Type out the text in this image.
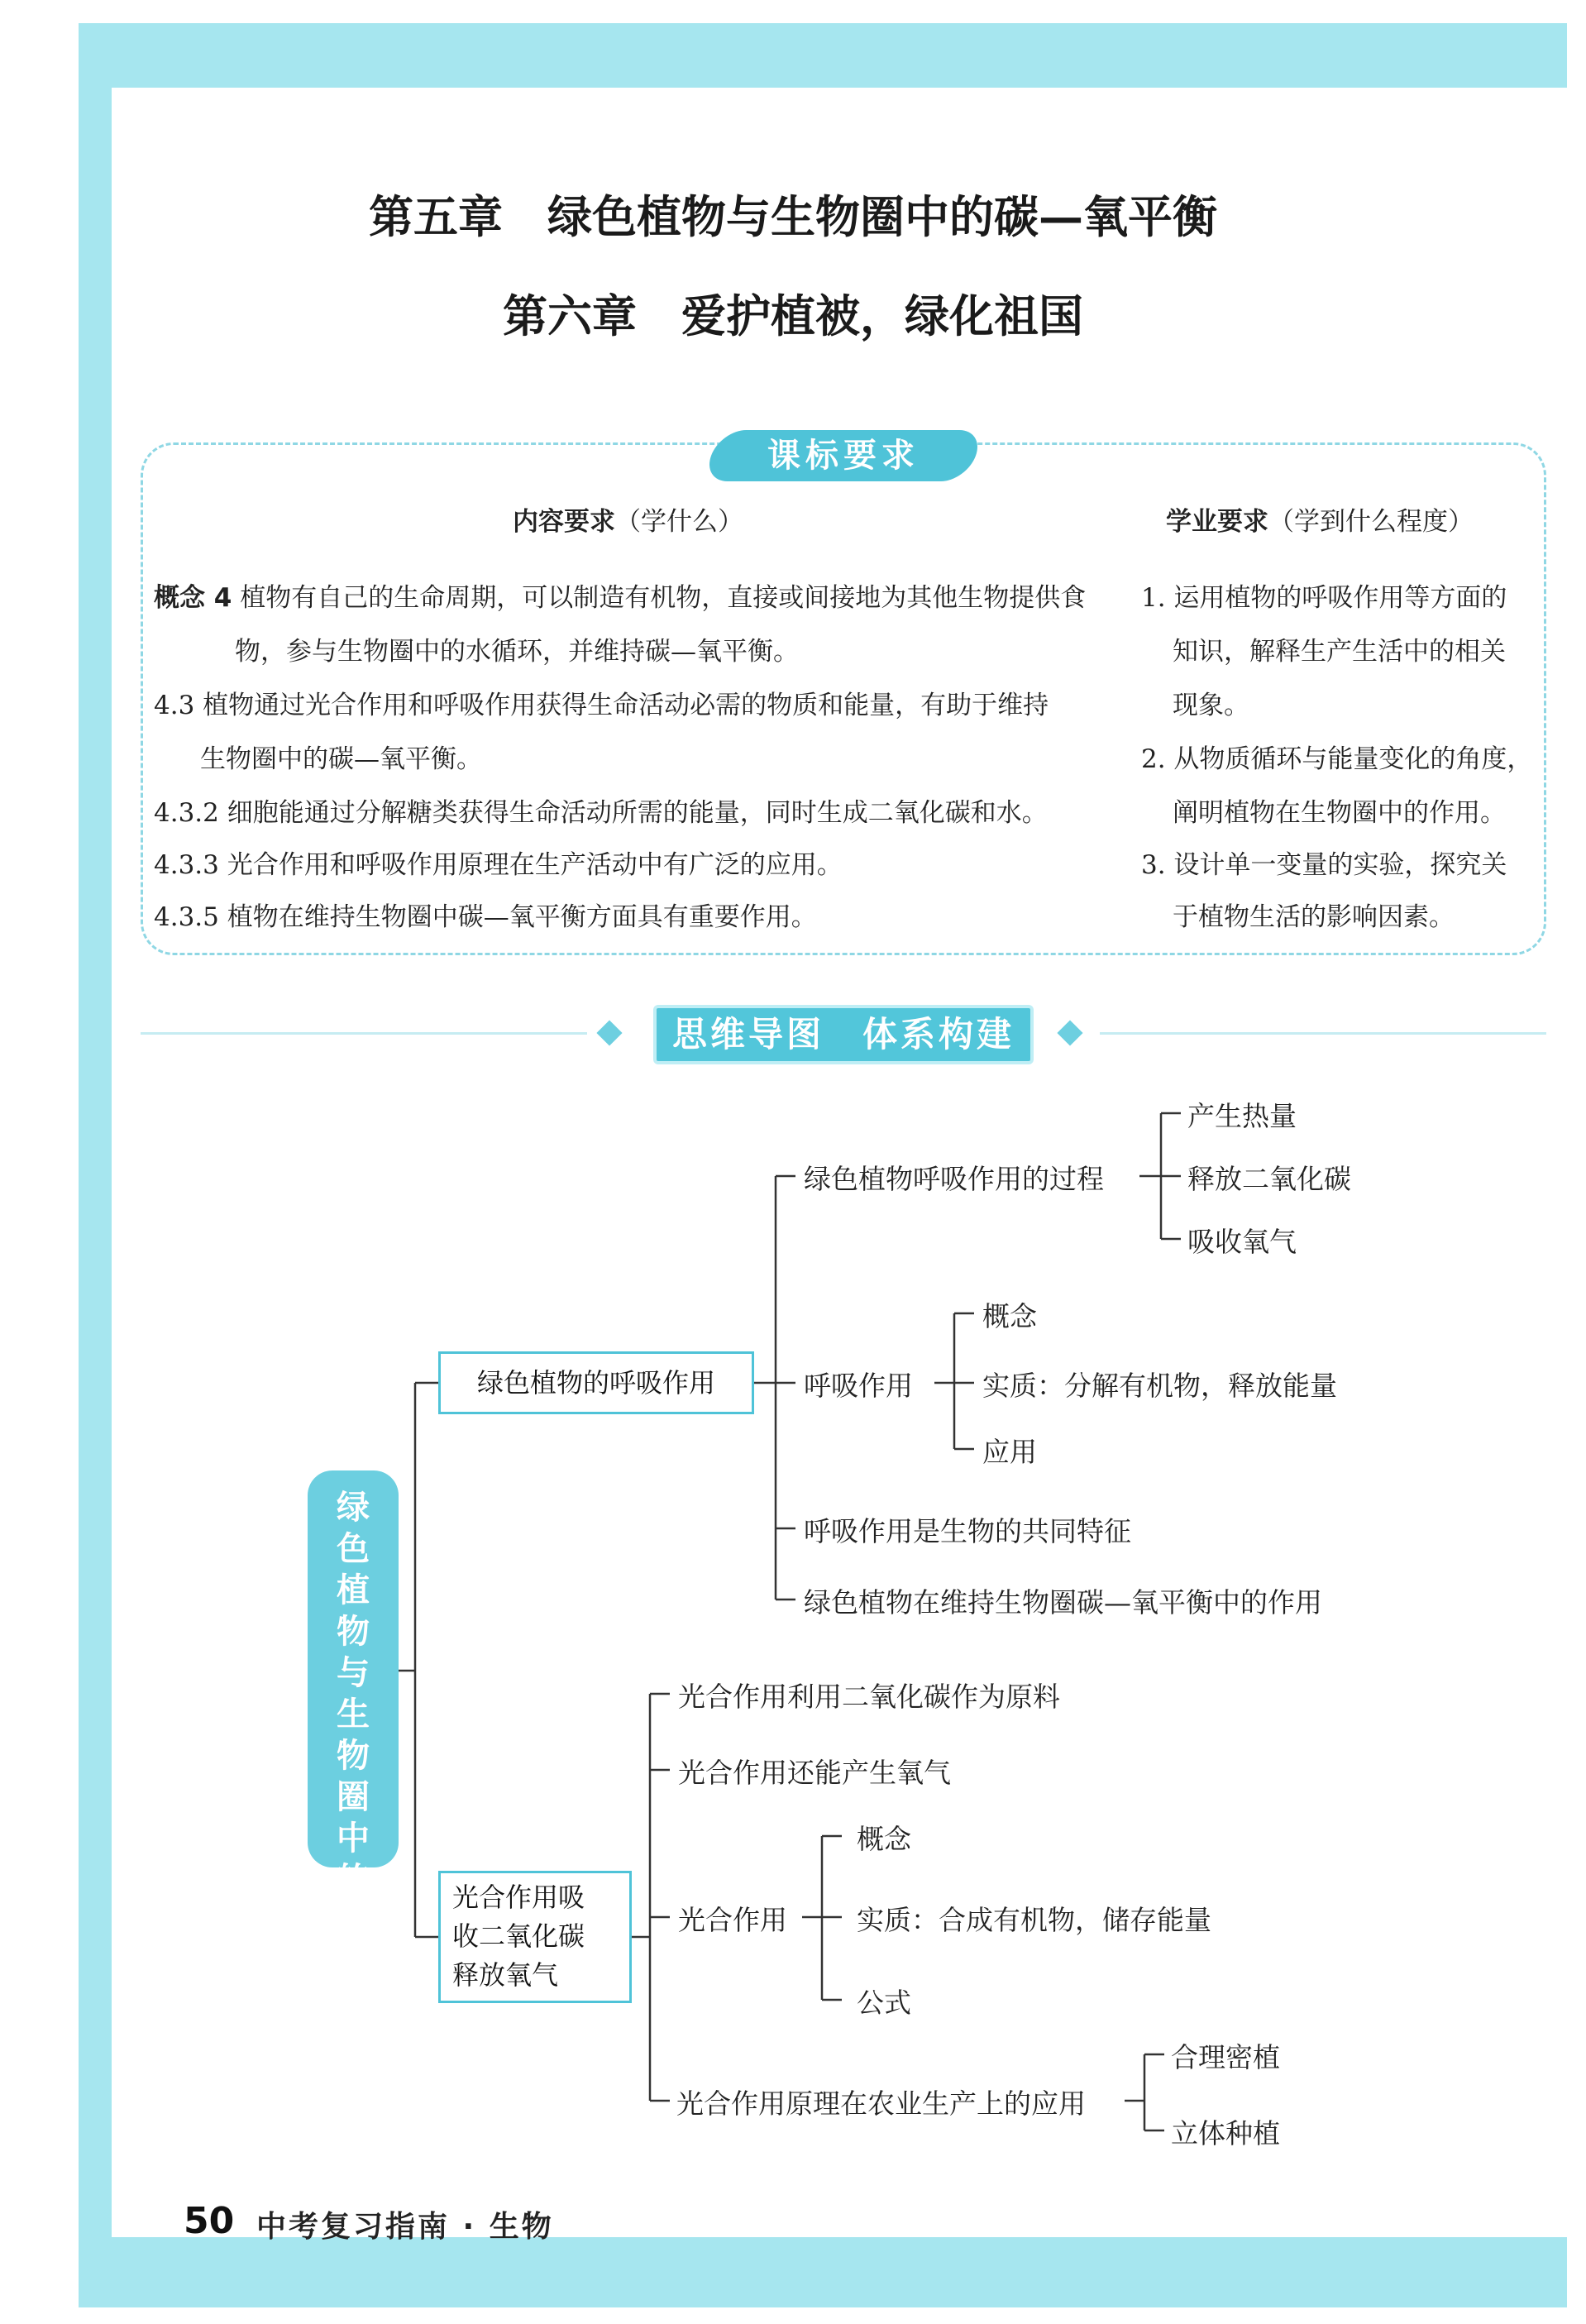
第五章　绿色植物与生物圈中的碳—氧平衡
第六章　爱护植被，绿化祖国
课标要求
内容要求（学什么）	学业要求（学到什么程度）
概念 4 植物有自己的生命周期，可以制造有机物，直接或间接地为其他生物提供食
物，参与生物圈中的水循环，并维持碳—氧平衡。
4.3 植物通过光合作用和呼吸作用获得生命活动必需的物质和能量，有助于维持
生物圈中的碳—氧平衡。
4.3.2 细胞能通过分解糖类获得生命活动所需的能量，同时生成二氧化碳和水。
4.3.3 光合作用和呼吸作用原理在生产活动中有广泛的应用。
4.3.5 植物在维持生物圈中碳—氧平衡方面具有重要作用。
1. 运用植物的呼吸作用等方面的
知识，解释生产生活中的相关
现象。
2. 从物质循环与能量变化的角度，
阐明植物在生物圈中的作用。
3. 设计单一变量的实验，探究关
于植物生活的影响因素。
思维导图　体系构建
绿色植物与生物圈中的碳—氧平衡
绿色植物的呼吸作用
绿色植物呼吸作用的过程
产生热量
释放二氧化碳
吸收氧气
呼吸作用
概念
实质：分解有机物，释放能量
应用
呼吸作用是生物的共同特征
绿色植物在维持生物圈碳—氧平衡中的作用
光合作用吸
收二氧化碳
释放氧气
光合作用利用二氧化碳作为原料
光合作用还能产生氧气
光合作用
概念
实质：合成有机物，储存能量
公式
光合作用原理在农业生产上的应用
合理密植
立体种植
50 中考复习指南 · 生物
